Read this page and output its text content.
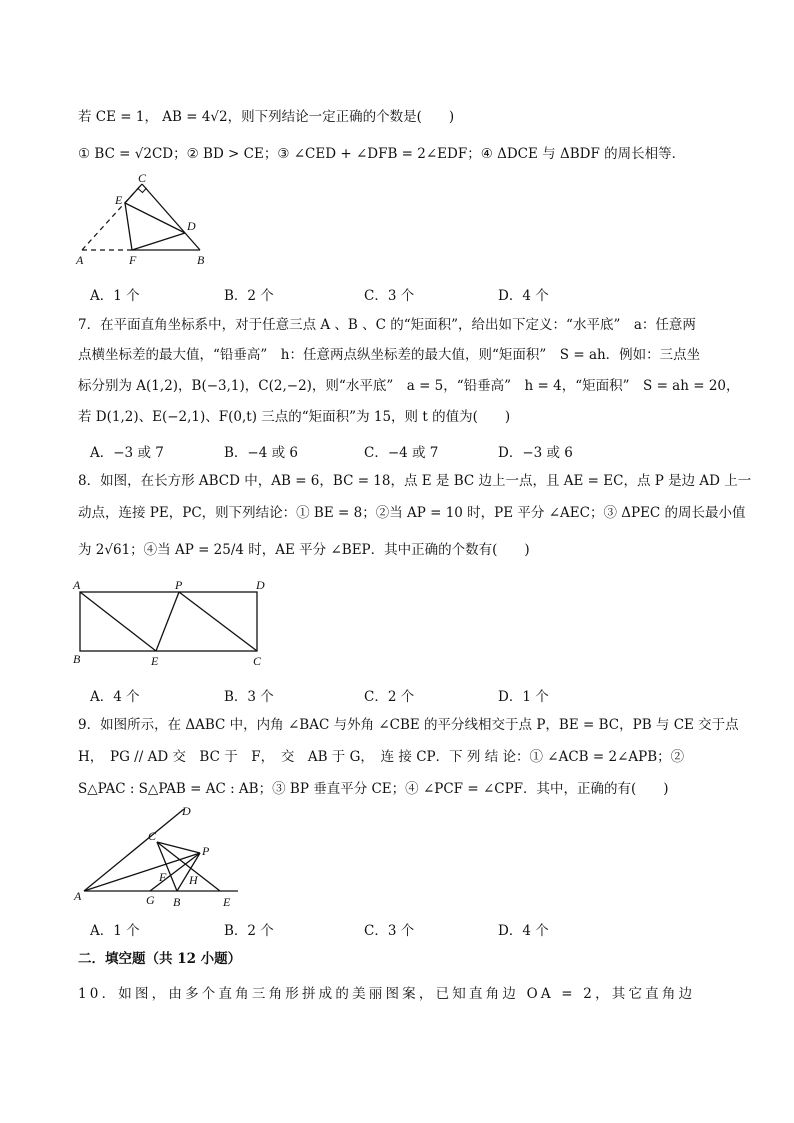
若 CE = 1， AB = 4√2，则下列结论一定正确的个数是(　　)
① BC = √2CD；② BD > CE；③ ∠CED + ∠DFB = 2∠EDF；④ ΔDCE 与 ΔBDF 的周长相等．
C
E
D
A	F	B
A．1 个	B．2 个	C．3 个	D．4 个
7．在平面直角坐标系中，对于任意三点 A 、B 、C 的“矩面积”，给出如下定义：“水平底”　a：任意两
点横坐标差的最大值，“铅垂高”　h：任意两点纵坐标差的最大值，则“矩面积”　S = ah．例如：三点坐
标分别为 A(1,2)，B(−3,1)，C(2,−2)，则“水平底”　a = 5，“铅垂高”　h = 4，“矩面积”　S = ah = 20，
若 D(1,2)、E(−2,1)、F(0,t) 三点的“矩面积”为 15，则 t 的值为(　　)
A．−3 或 7	B．−4 或 6	C．−4 或 7	D．−3 或 6
8．如图，在长方形 ABCD 中，AB = 6，BC = 18，点 E 是 BC 边上一点，且 AE = EC，点 P 是边 AD 上一
动点，连接 PE，PC，则下列结论：① BE = 8；②当 AP = 10 时，PE 平分 ∠AEC；③ ΔPEC 的周长最小值
为 2√61；④当 AP = 25/4 时，AE 平分 ∠BEP．其中正确的个数有(　　)
A	P	D
B	E	C
A．4 个	B．3 个	C．2 个	D．1 个
9．如图所示，在 ΔABC 中，内角 ∠BAC 与外角 ∠CBE 的平分线相交于点 P，BE = BC，PB 与 CE 交于点
H，　PG // AD 交　BC 于　F，　交　AB 于 G，　连 接 CP．下 列 结 论：① ∠ACB = 2∠APB；②
S△PAC : S△PAB = AC : AB；③ BP 垂直平分 CE；④ ∠PCF = ∠CPF．其中，正确的有(　　)
D
C
P
F H
A	G B	E
A．1 个	B．2 个	C．3 个	D．4 个
二．填空题（共 12 小题）
10．如图，由多个直角三角形拼成的美丽图案，已知直角边 OA = 2，其它直角边
